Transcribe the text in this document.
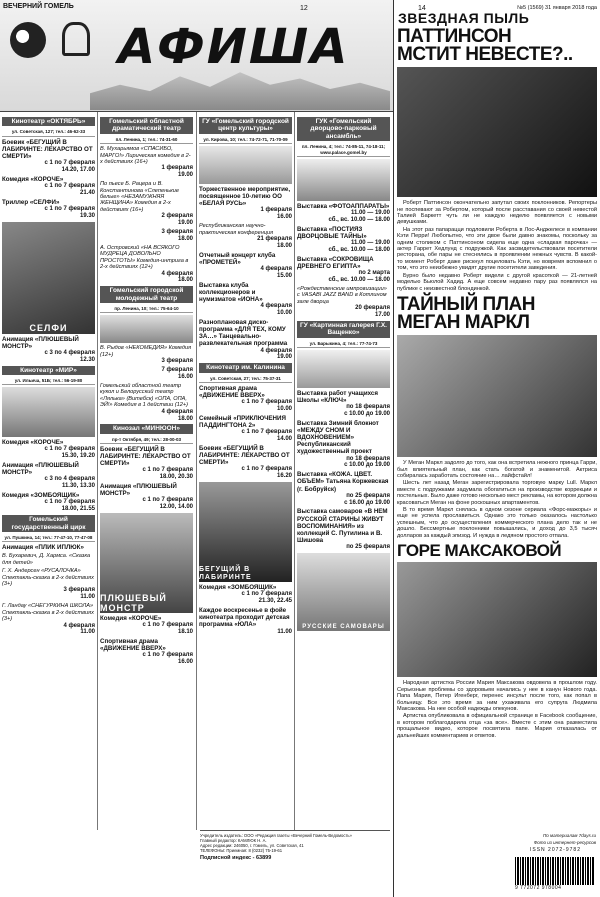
ВЕЧЕРНИЙ ГОМЕЛЬ	12	14	№5 (1569) 31 января 2018 года
АФИША
ЗВЕЗДНАЯ ПЫЛЬ
Кинотеатр «ОКТЯБРЬ»
ул. Советская, 127; тел.: 46-62-33
Боевик «БЕГУЩИЙ В ЛАБИРИНТЕ: ЛЕКАРСТВО ОТ СМЕРТИ»
с 1 по 7 февраля
14.20, 17.00
Комедия «КОРОЧЕ»
с 1 по 7 февраля
21.40
Триллер «СЕЛФИ»
с 1 по 7 февраля
19.30
СЕЛФИ
Анимация «ПЛЮШЕВЫЙ МОНСТР»
с 3 по 4 февраля
12.30
Кинотеатр «МИР»
ул. Ильича, 51Б; тел.: 56-19-80
Комедия «КОРОЧЕ»
с 1 по 7 февраля
15.30, 19.20
Анимация «ПЛЮШЕВЫЙ МОНСТР»
с 3 по 4 февраля
11.30, 13.30
Комедия «ЗОМБОЯЩИК»
с 1 по 7 февраля
18.00, 21.55
Гомельский государственный цирк
ул. Пушкина, 14; тел.: 77-47-10, 77-47-08
Анимация «ПЛИК ИПЛЮК»
В. Бухаревич, Д. Хармса. «Сказка для детей»
Г. Х. Андерсен «РУСАЛОЧКА» Спектакль-сказка в 2-х действиях (3+)
3 февраля
11.00
Г. Ландау «СНЕГУРКИНА ШКОЛА» Спектакль-сказка в 2-х действиях (3+)
4 февраля
11.00
Гомельский областной драматический театр
пл. Ленина, 1; тел.: 74-31-60
В. Мухарьямов «СПАСИБО, МАРГО!» Лирическая комедия в 2-х действиях (16+)
1 февраля
19.00
По пьесе Б. Рацера и В. Константинова «Слепенькие белые» «НЕЗАМУЖНЯЯ ЖЕНЩИНА» Комедия в 2-х действиях (16+)
2 февраля
19.00
3 февраля
18.00
А. Островский «НА ВСЯКОГО МУДРЕЦА ДОВОЛЬНО ПРОСТОТЫ» Комедия-интрига в 2-х действиях (12+)
4 февраля
18.00
Гомельский городской молодежный театр
пр. Ленина, 10; тел.: 75-64-10
В. Рыдов «НЕКОМЕДИЯ» Комедия (12+)
3 февраля
7 февраля
16.00
Гомельский областной театр кукол и Белорусский театр «Лялька» (Витебск) «ОПА, ОПА, ЭЙ!» Комедия в 1 действии (12+)
4 февраля
18.00
Кинозал «МИНЮОН»
пр-т Октября, 49; тел.: 28-00-03
Боевик «БЕГУЩИЙ В ЛАБИРИНТЕ: ЛЕКАРСТВО ОТ СМЕРТИ»
с 1 по 7 февраля
18.00, 20.30
Анимация «ПЛЮШЕВЫЙ МОНСТР»
с 1 по 7 февраля
12.00, 14.00
ПЛЮШЕВЫЙ МОНСТР
Комедия «КОРОЧЕ»
с 1 по 7 февраля
18.10
Спортивная драма «ДВИЖЕНИЕ ВВЕРХ»
с 1 по 7 февраля
16.00
ГУ «Гомельский городской центр культуры»
ул. Кирова, 10; тел.: 74-72-71, 71-70-09
Торжественное мероприятие, посвященное 10-летию ОО «БЕЛАЯ РУСЬ»
1 февраля
16.00
Республиканская научно-практическая конференция
21 февраля
18.00
Отчетный концерт клуба «ПРОМЕТЕЙ»
4 февраля
15.00
Выставка клуба коллекционеров и нумизматов «ИОНА»
4 февраля
10.00
Разноплановая диско-программа «ДЛЯ ТЕХ, КОМУ ЗА…» Танцевально-развлекательная программа
4 февраля
19.00
Кинотеатр им. Калинина
ул. Советская, 27; тел.: 75-37-31
Спортивная драма «ДВИЖЕНИЕ ВВЕРХ»
с 1 по 7 февраля
10.00
Семейный «ПРИКЛЮЧЕНИЯ ПАДДИНГТОНА 2»
с 1 по 7 февраля
14.00
Боевик «БЕГУЩИЙ В ЛАБИРИНТЕ: ЛЕКАРСТВО ОТ СМЕРТИ»
с 1 по 7 февраля
16.20
БЕГУЩИЙ В ЛАБИРИНТЕ
Комедия «ЗОМБОЯЩИК»
с 1 по 7 февраля
21.30, 22.45
Каждое воскресенье в фойе кинотеатра проходит детская программа «ЮЛА»
11.00
ГУК «Гомельский дворцово-парковый ансамбль»
пл. Ленина, 4; тел.: 74-85-11, 74-18-11; www.palace.gomel.by
Выставка «ФОТОАППАРАТЫ»
11.00 — 19.00
сб., вс. 10.00 — 18.00
Выставка «ПОСТИЯЗ ДВОРЦОВЫЕ ТАЙНЫ»
11.00 — 19.00
сб., вс. 10.00 — 18.00
Выставка «СОКРОВИЩА ДРЕВНЕГО ЕГИПТА»
по 2 марта
сб., вс. 10.00 — 18.00
«Рождественские импровизации» с VASABI JAZZ BAND в Котлином зале дворца
20 февраля
17.00
ГУ «Картинная галерея Г.Х. Ващенко»
ул. Барыкина, 4; тел.: 77-74-73
Выставка работ учащихся Школы «КЛЮЧ»
по 18 февраля
с 10.00 до 19.00
Выставка Зимний блокнот «МЕЖДУ СНОМ И ВДОХНОВЕНИЕМ» Республиканский художественный проект
по 18 февраля
с 10.00 до 19.00
Выставка «КОЖА. ЦВЕТ. ОБЪЕМ» Татьяна Коржевская (г. Бобруйск)
по 25 февраля
с 16.00 до 19.00
Выставка самоваров «В НЕМ РУССКОЙ СТАРИНЫ ЖИВУТ ВОСПОМИНАНИЯ» из коллекций С. Путилина и В. Шишова
по 25 февраля
РУССКИЕ САМОВАРЫ
ПАТТИНСОН
МСТИТ НЕВЕСТЕ?..

Роберт Паттинсон окончательно запутал своих поклонников. Репортеры не поспевают за Робертом, который после расставания со своей невестой Талией Баркетт чуть ли не каждую неделю появляется с новыми девушками.

На этот раз папарацци подловили Роберта в Лос-Анджелесе в компании Кэти Перри! Любопытно, что эти двое были давно знакомы, поскольку за одним столиком с Паттинсоном сидела еще одна «сладкая парочка» — актер Гаррет Хедлунд с подружкой. Как засвидетельствовали посетители ресторана, обе пары не стеснялись в проявлении нежных чувств. В какой-то момент Роберт даже рискнул поцеловать Кэти, но вовремя вспомнил о том, что это неизбежно увидят другие посетители заведения.

Бурно было недавно Роберт видели с другой красоткой — 21-летней моделью Бьюлой Хадид. А еще совсем недавно пару раз появлялся на публике с неизвестной блондинкой.

ТАЙНЫЙ ПЛАН
МЕГАН МАРКЛ

У Меган Маркл задолго до того, как она встретила нежного принца Гарри, был влиятельный план, как стать богатой и знаменитой. Актриса собиралась заработать состояние на… лайфстайл!

Шесть лет назад Меган зарегистрировала торговую марку Lull. Маркл вместе с подружками задумала обогатиться на производстве коррекции и постельных. Было даже готово несколько мест рекламы, на котором должна красоваться Меган на фоне роскошных апартаментов.

В то время Маркл снялась в одном сезоне сериала «Форс-мажоры» и еще не успела прославиться. Однако это только оказалось настолько успешным, что до осуществления коммерческого плана дело так и не дошло. Бессмертные поклонники повышались, и доход до 3,5 тысяч долларов за каждый эпизод. И нужда в ледяном простого отпала.

ГОРЕ МАКСАКОВОЙ

Народная артистка России Мария Максакова овдовела в прошлом году. Серьезные проблемы со здоровьем начались у нее в канун Нового года. Папа Мария, Петер Игенберг, перенес инсульт после того, как попал в больницу. Все это время за ним ухаживала его супруга Людмила Максакова. На нее особой надежды опекунов.

Артистка опубликовала в официальной странице в Facebook сообщение, в котором поблагодарила отца «за все». Вместе с этим она разместила прощальное видео, которое посвятила папе. Мария отказалась от дальнейших комментариев и ответов.

По материалам 7days.ru
Фото из интернет-ресурсов
ISSN 2072-9782
9 772072 978004
Учредитель издатель: ООО «Редакция газеты «Вечерний Гомель-Ведомость»
Главный редактор: КАМЛЮК Н. А.
Адрес редакции: 246050, г. Гомель, ул. Советская, 41
ТЕЛЕФОНЫ: Приемная: 8 (0232) 75-19-61
Подписной индекс - 63899
